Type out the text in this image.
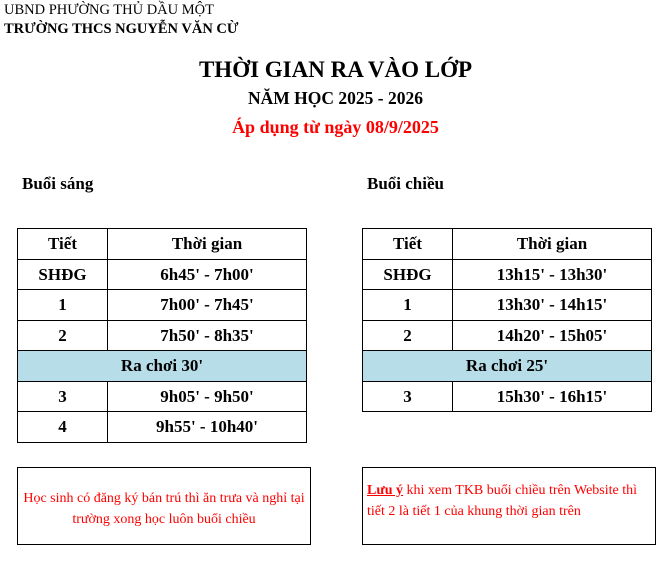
UBND PHƯỜNG THỦ DẦU MỘT
TRƯỜNG THCS NGUYỄN VĂN CỪ
THỜI GIAN RA VÀO LỚP
NĂM HỌC 2025 - 2026
Áp dụng từ ngày 08/9/2025
Buổi sáng	Buổi chiều
Tiết	Thời gian
SHĐG	6h45' - 7h00'
1	7h00' - 7h45'
2	7h50' - 8h35'
Ra chơi 30'	
3	9h05' - 9h50'
4	9h55' - 10h40'
Tiết	Thời gian
SHĐG	13h15' - 13h30'
1	13h30' - 14h15'
2	14h20' - 15h05'
Ra chơi 25'	
3	15h30' - 16h15'
Học sinh có đăng ký bán trú thì ăn trưa và nghỉ tại trường xong học luôn buổi chiều
Lưu ý khi xem TKB buổi chiều trên Website thì tiết 2 là tiết 1 của khung thời gian trên
